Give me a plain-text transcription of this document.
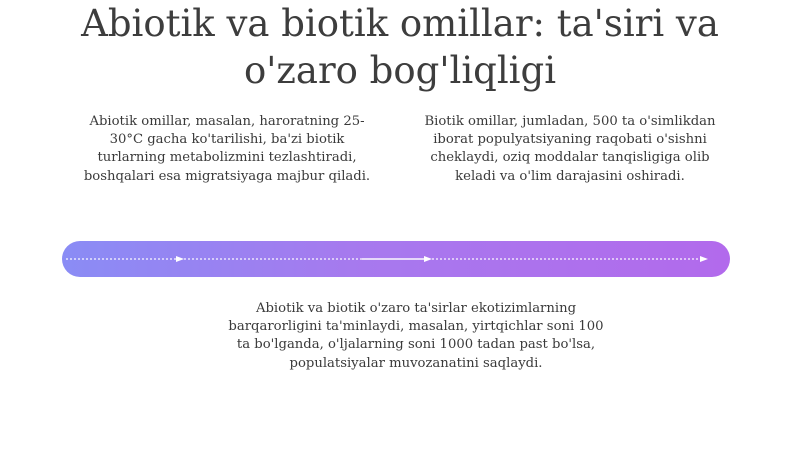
Abiotik va biotik omillar: ta'siri va o'zaro bog'liqligi

Abiotik omillar, masalan, haroratning 25-30°C gacha ko'tarilishi, ba'zi biotik turlarning metabolizmini tezlashtiradi, boshqalari esa migratsiyaga majbur qiladi.

Biotik omillar, jumladan, 500 ta o'simlikdan iborat populyatsiyaning raqobati o'sishni cheklaydi, oziq moddalar tanqisligiga olib keladi va o'lim darajasini oshiradi.

Abiotik va biotik o'zaro ta'sirlar ekotizimlarning barqarorligini ta'minlaydi, masalan, yirtqichlar soni 100 ta bo'lganda, o'ljalarning soni 1000 tadan past bo'lsa, populatsiyalar muvozanatini saqlaydi.
